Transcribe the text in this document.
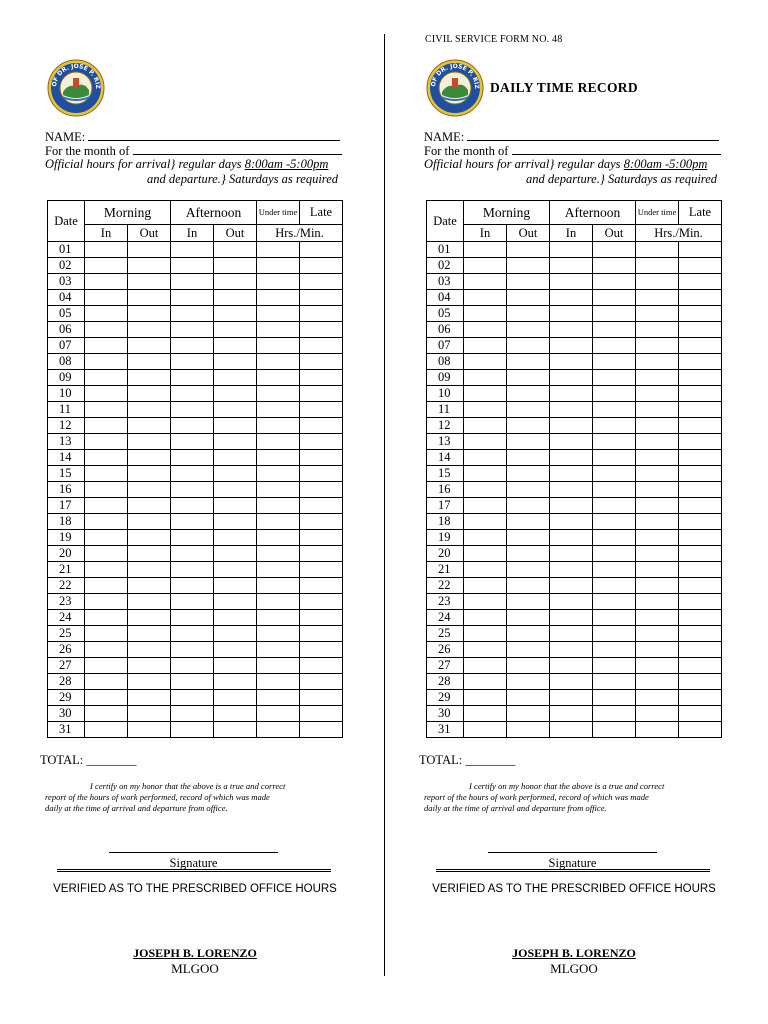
CIVIL SERVICE FORM NO. 48
OF DR. JOSE P. RIZ
NAME:
For the month of
Official hours for arrival} regular days 8:00am -5:00pm
and departure.} Saturdays as required
Date	Morning		Afternoon		Under time	Late
	In	Out	In	Out	Hrs./Min.	
01						
02						
03						
04						
05						
06						
07						
08						
09						
10						
11						
12						
13						
14						
15						
16						
17						
18						
19						
20						
21						
22						
23						
24						
25						
26						
27						
28						
29						
30						
31						
TOTAL: ________
I certify on my honor that the above is a true and correct
report of the hours of work performed, record of which was made
daily at the time of arrival and departure from office.
Signature
VERIFIED AS TO THE PRESCRIBED OFFICE HOURS
JOSEPH B. LORENZO
MLGOO
OF DR. JOSE P. RIZ
NAME:
For the month of
Official hours for arrival} regular days 8:00am -5:00pm
and departure.} Saturdays as required
Date	Morning		Afternoon		Under time	Late
	In	Out	In	Out	Hrs./Min.	
01						
02						
03						
04						
05						
06						
07						
08						
09						
10						
11						
12						
13						
14						
15						
16						
17						
18						
19						
20						
21						
22						
23						
24						
25						
26						
27						
28						
29						
30						
31						
TOTAL: ________
I certify on my honor that the above is a true and correct
report of the hours of work performed, record of which was made
daily at the time of arrival and departure from office.
Signature
VERIFIED AS TO THE PRESCRIBED OFFICE HOURS
JOSEPH B. LORENZO
MLGOO
DAILY TIME RECORD
